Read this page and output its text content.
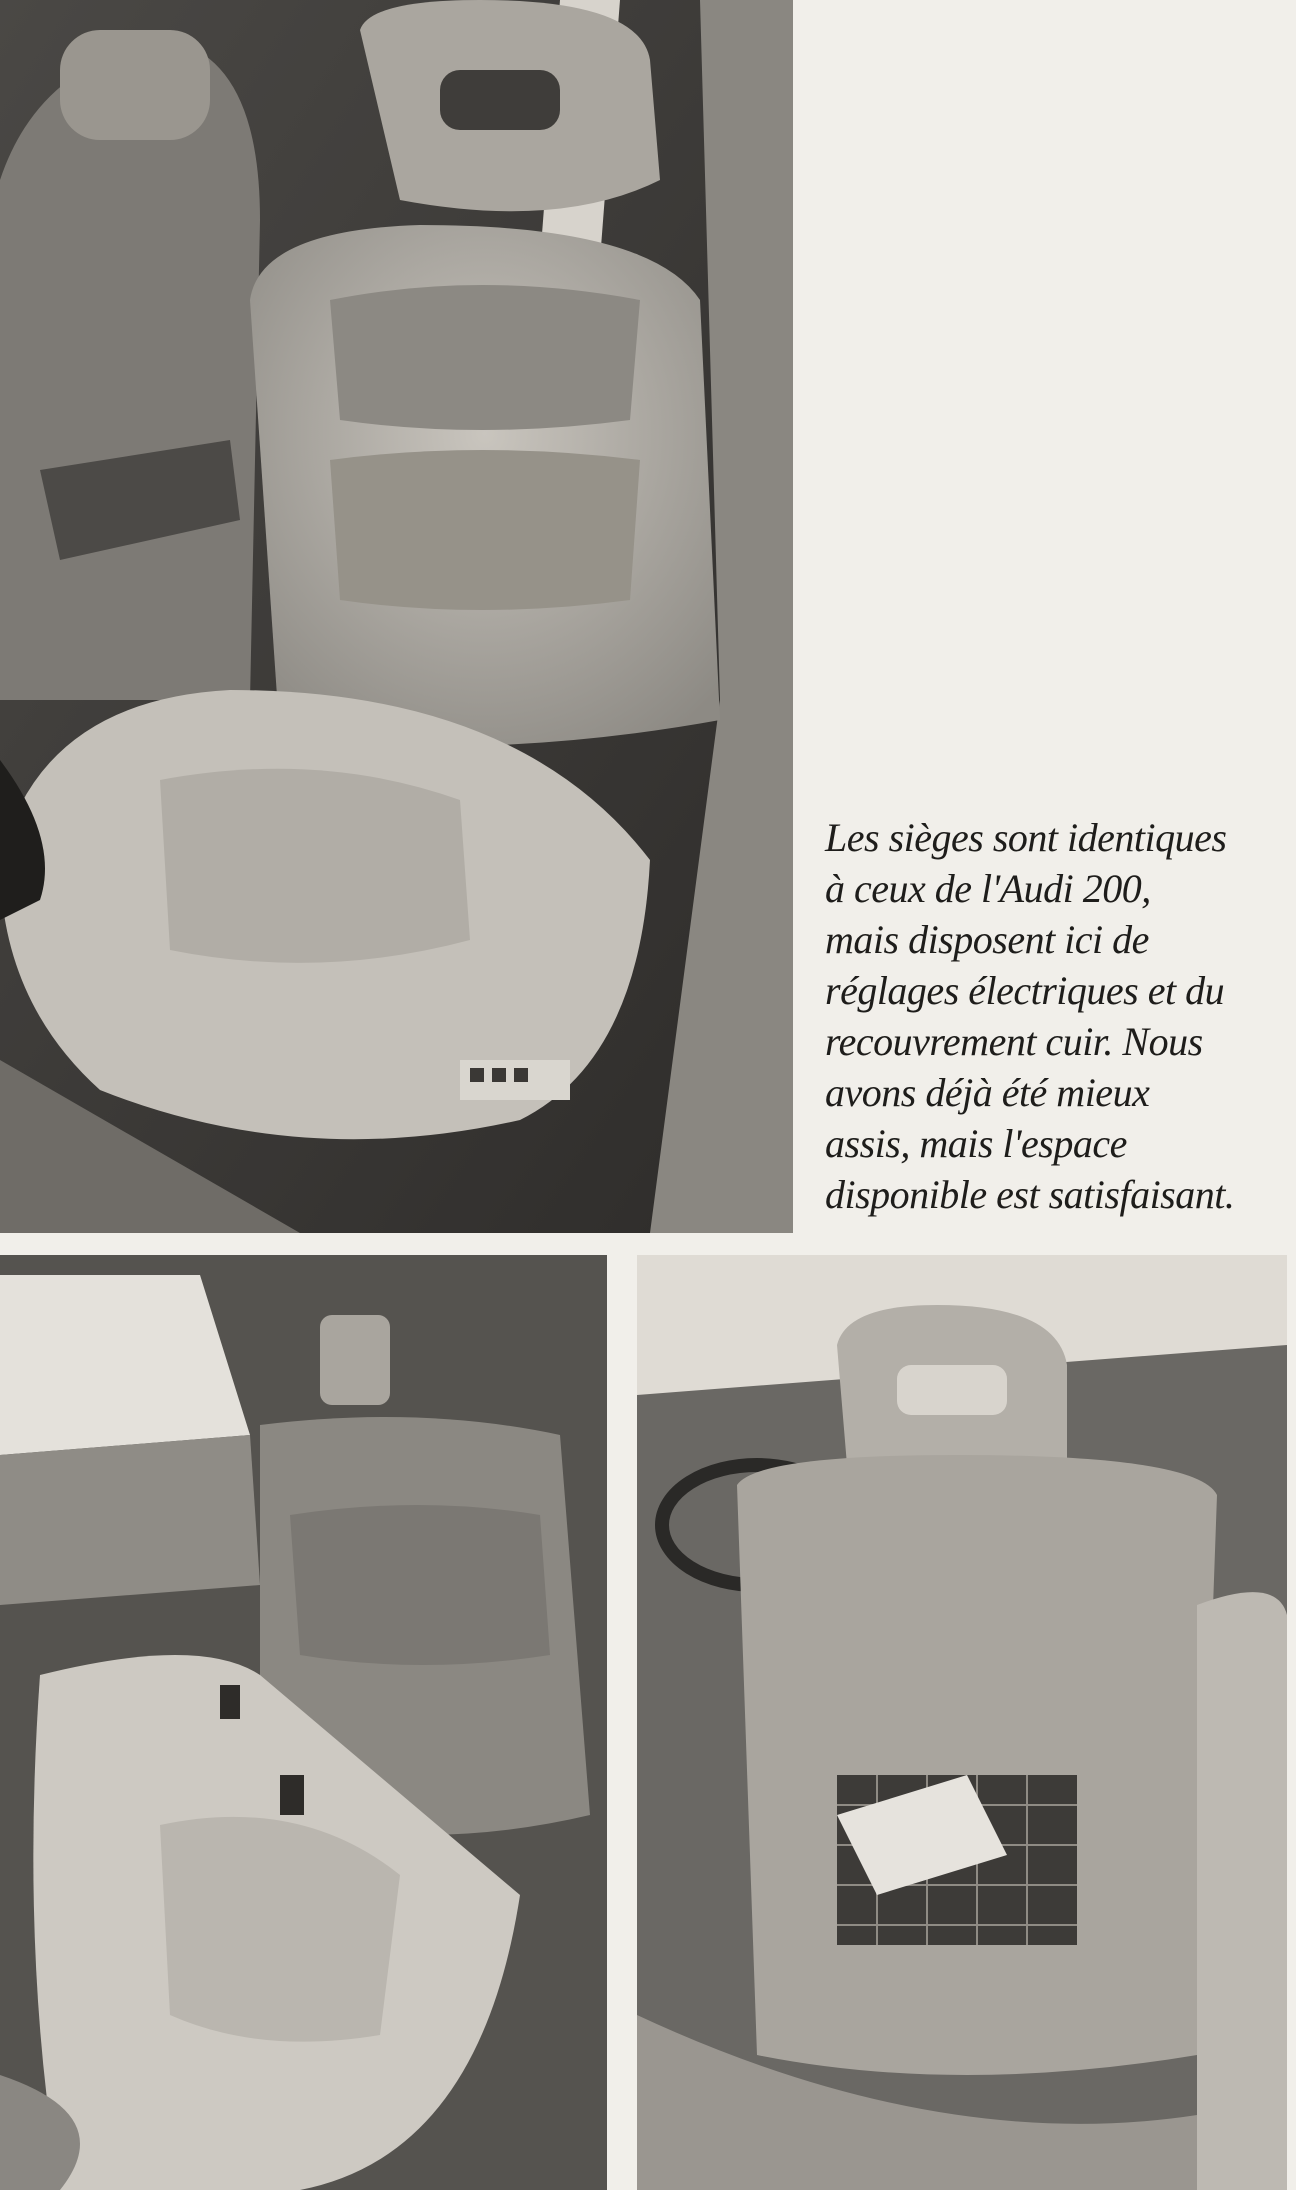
Les sièges sont identiques
à ceux de l'Audi 200,
mais disposent ici de
réglages électriques et du
recouvrement cuir. Nous
avons déjà été mieux
assis, mais l'espace
disponible est satisfaisant.
